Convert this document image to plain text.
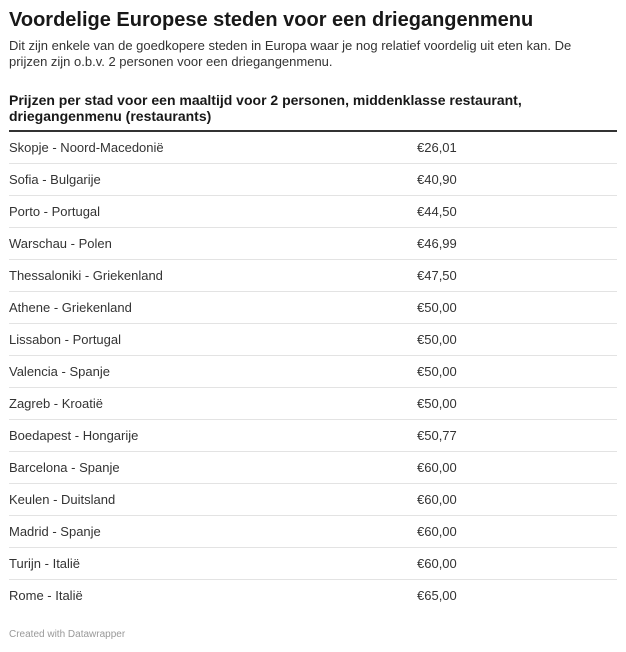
Voordelige Europese steden voor een driegangenmenu

Dit zijn enkele van de goedkopere steden in Europa waar je nog relatief voordelig uit eten kan. De prijzen zijn o.b.v. 2 personen voor een driegangenmenu.

Prijzen per stad voor een maaltijd voor 2 personen, middenklasse restaurant, driegangenmenu (restaurants)
Skopje - Noord-Macedonië	€26,01
Sofia - Bulgarije	€40,90
Porto - Portugal	€44,50
Warschau - Polen	€46,99
Thessaloniki - Griekenland	€47,50
Athene - Griekenland	€50,00
Lissabon - Portugal	€50,00
Valencia - Spanje	€50,00
Zagreb - Kroatië	€50,00
Boedapest - Hongarije	€50,77
Barcelona - Spanje	€60,00
Keulen - Duitsland	€60,00
Madrid - Spanje	€60,00
Turijn - Italië	€60,00
Rome - Italië	€65,00
Created with Datawrapper
